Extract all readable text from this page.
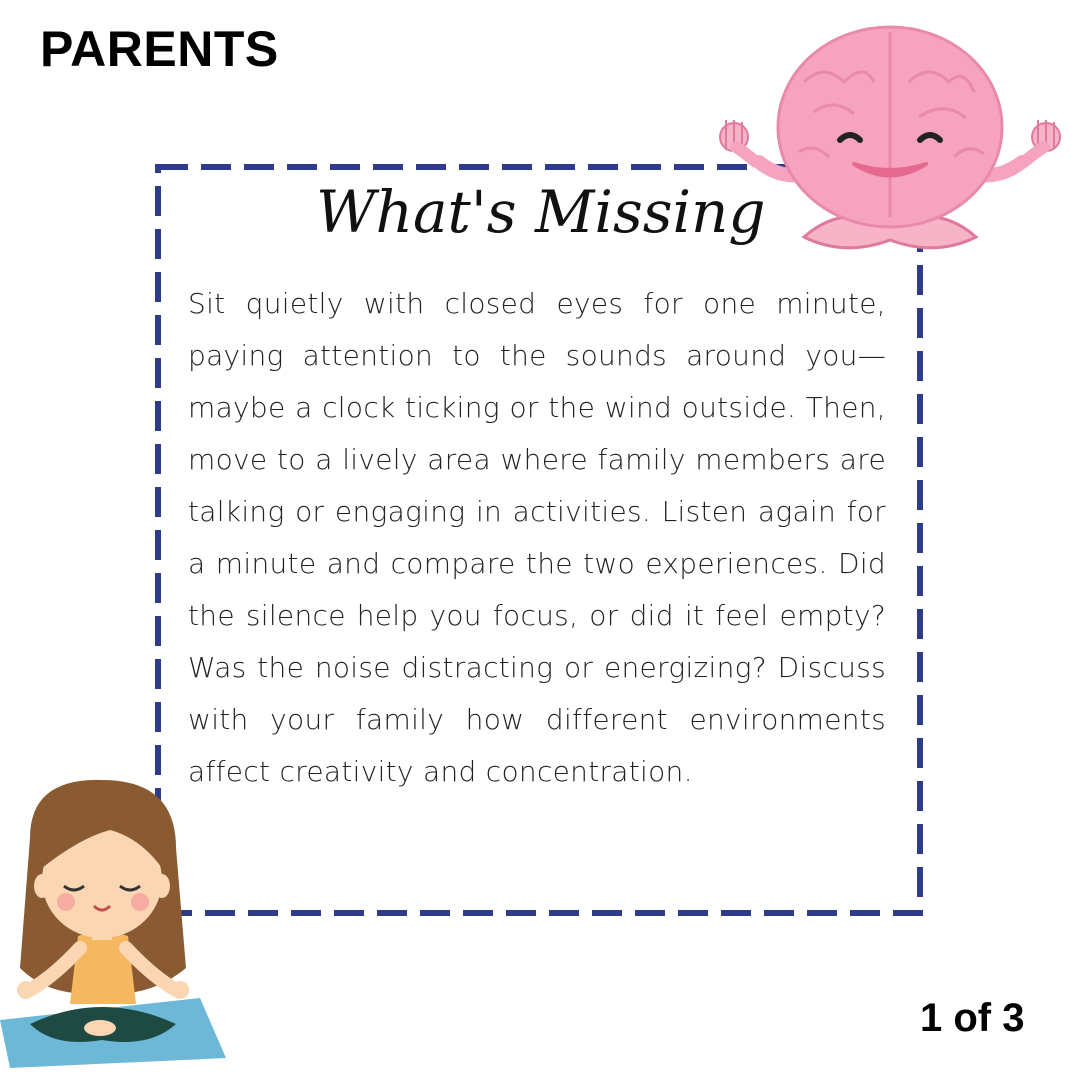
PARENTS
What's Missing
Sit quietly with closed eyes for one minute, paying attention to the sounds around you—maybe a clock ticking or the wind outside. Then, move to a lively area where family members are talking or engaging in activities. Listen again for a minute and compare the two experiences. Did the silence help you focus, or did it feel empty? Was the noise distracting or energizing? Discuss with your family how different environments affect creativity and concentration.
1 of 3
